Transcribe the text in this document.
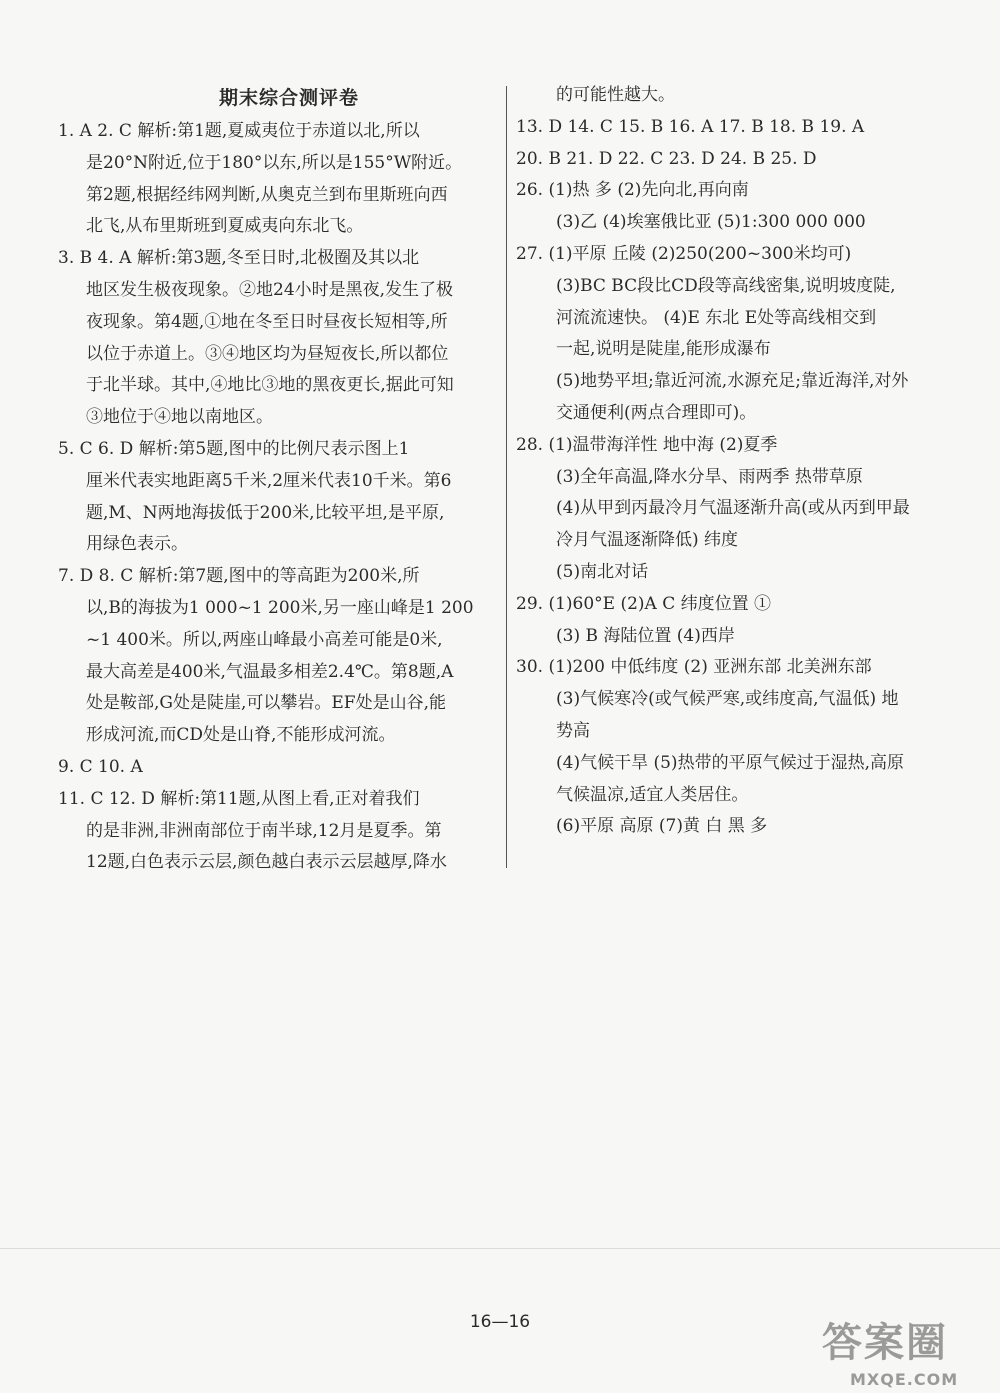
期末综合测评卷
1. A 2. C 解析:第1题,夏威夷位于赤道以北,所以
是20°N附近,位于180°以东,所以是155°W附近。
第2题,根据经纬网判断,从奥克兰到布里斯班向西
北飞,从布里斯班到夏威夷向东北飞。
3. B 4. A 解析:第3题,冬至日时,北极圈及其以北
地区发生极夜现象。②地24小时是黑夜,发生了极
夜现象。第4题,①地在冬至日时昼夜长短相等,所
以位于赤道上。③④地区均为昼短夜长,所以都位
于北半球。其中,④地比③地的黑夜更长,据此可知
③地位于④地以南地区。
5. C 6. D 解析:第5题,图中的比例尺表示图上1
厘米代表实地距离5千米,2厘米代表10千米。第6
题,M、N两地海拔低于200米,比较平坦,是平原,
用绿色表示。
7. D 8. C 解析:第7题,图中的等高距为200米,所
以,B的海拔为1 000~1 200米,另一座山峰是1 200
~1 400米。所以,两座山峰最小高差可能是0米,
最大高差是400米,气温最多相差2.4℃。第8题,A
处是鞍部,G处是陡崖,可以攀岩。EF处是山谷,能
形成河流,而CD处是山脊,不能形成河流。
9. C 10. A
11. C 12. D 解析:第11题,从图上看,正对着我们
的是非洲,非洲南部位于南半球,12月是夏季。第
12题,白色表示云层,颜色越白表示云层越厚,降水
的可能性越大。
13. D 14. C 15. B 16. A 17. B 18. B 19. A
20. B 21. D 22. C 23. D 24. B 25. D
26. (1)热 多 (2)先向北,再向南
(3)乙 (4)埃塞俄比亚 (5)1:300 000 000
27. (1)平原 丘陵 (2)250(200~300米均可)
(3)BC BC段比CD段等高线密集,说明坡度陡,
河流流速快。 (4)E 东北 E处等高线相交到
一起,说明是陡崖,能形成瀑布
(5)地势平坦;靠近河流,水源充足;靠近海洋,对外
交通便利(两点合理即可)。
28. (1)温带海洋性 地中海 (2)夏季
(3)全年高温,降水分旱、雨两季 热带草原
(4)从甲到丙最冷月气温逐渐升高(或从丙到甲最
冷月气温逐渐降低) 纬度
(5)南北对话
29. (1)60°E (2)A C 纬度位置 ①
(3) B 海陆位置 (4)西岸
30. (1)200 中低纬度 (2) 亚洲东部 北美洲东部
(3)气候寒冷(或气候严寒,或纬度高,气温低) 地
势高
(4)气候干旱 (5)热带的平原气候过于湿热,高原
气候温凉,适宜人类居住。
(6)平原 高原 (7)黄 白 黑 多
16—16	答案圈
MXQE.COM
